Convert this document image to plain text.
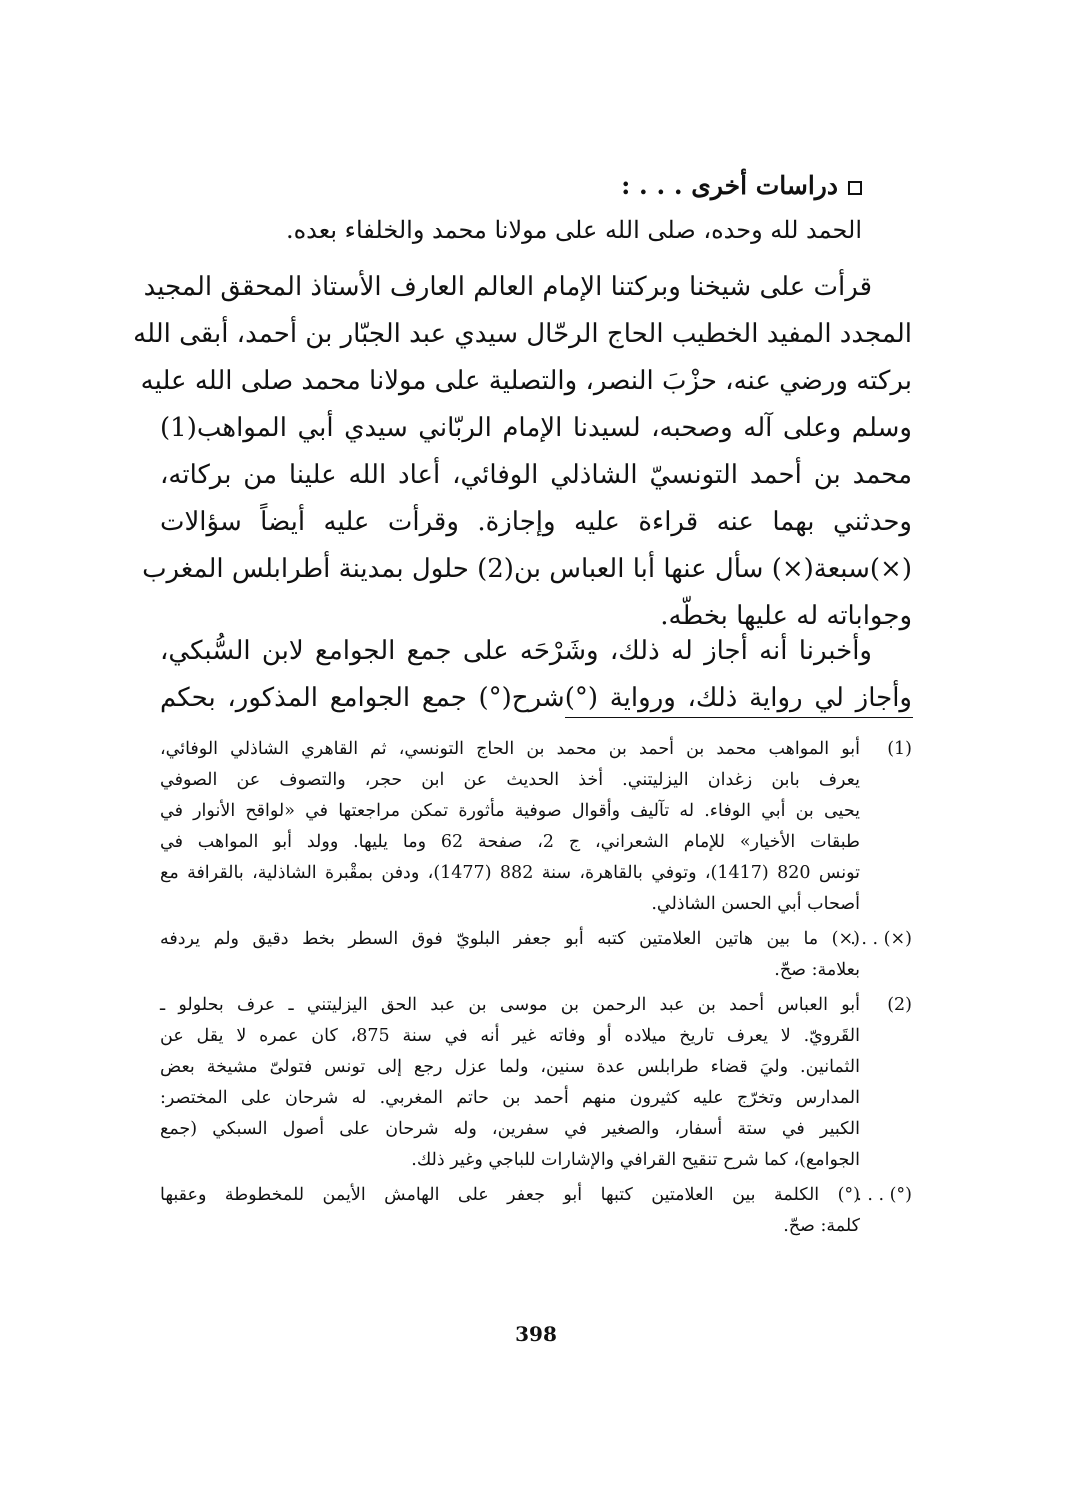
دراسات أخرى . . . :
الحمد لله وحده، صلى الله على مولانا محمد والخلفاء بعده.
قرأت على شيخنا وبركتنا الإمام العالم العارف الأستاذ المحقق المجيد
المجدد المفيد الخطيب الحاج الرحّال سيدي عبد الجبّار بن أحمد، أبقى الله
بركته ورضي عنه، حزْبَ النصر، والتصلية على مولانا محمد صلى الله عليه
وسلم وعلى آله وصحبه، لسيدنا الإمام الربّاني سيدي أبي المواهب(1)
محمد بن أحمد التونسيّ الشاذلي الوفائي، أعاد الله علينا من بركاته،
وحدثني بهما عنه قراءة عليه وإجازة. وقرأت عليه أيضاً سؤالات
(×)سبعة(×) سأل عنها أبا العباس بن(2) حلول بمدينة أطرابلس المغرب
وجواباته له عليها بخطّه.
وأخبرنا أنه أجاز له ذلك، وشَرْحَه على جمع الجوامع لابن السُّبكي،
وأجاز لي رواية ذلك، ورواية (°)شرح(°) جمع الجوامع المذكور، بحكم
(1)
أبو المواهب محمد بن أحمد بن محمد بن الحاج التونسي، ثم القاهري الشاذلي الوفائي،
يعرف بابن زغدان اليزليتني. أخذ الحديث عن ابن حجر، والتصوف عن الصوفي
يحيى بن أبي الوفاء. له تآليف وأقوال صوفية مأثورة تمكن مراجعتها في «لواقح الأنوار في
طبقات الأخيار» للإمام الشعراني، ج 2، صفحة 62 وما يليها. وولد أبو المواهب في
تونس 820 (1417)، وتوفي بالقاهرة، سنة 882 (1477)، ودفن بمقْبرة الشاذلية، بالقرافة مع
أصحاب أبي الحسن الشاذلي.
(×) . . .
(×) ما بين هاتين العلامتين كتبه أبو جعفر البلويّ فوق السطر بخط دقيق ولم يردفه
بعلامة: صحّ.
(2)
أبو العباس أحمد بن عبد الرحمن بن موسى بن عبد الحق اليزليتني ـ عرف بحلولو ـ
القَرويّ. لا يعرف تاريخ ميلاده أو وفاته غير أنه في سنة 875، كان عمره لا يقل عن
الثمانين. وليَ قضاء طرابلس عدة سنين، ولما عزل رجع إلى تونس فتولىّ مشيخة بعض
المدارس وتخرّج عليه كثيرون منهم أحمد بن حاتم المغربي. له شرحان على المختصر:
الكبير في ستة أسفار، والصغير في سفرين، وله شرحان على أصول السبكي (جمع
الجوامع)، كما شرح تنقيح القرافي والإشارات للباجي وغير ذلك.
(°) . . .
(°) الكلمة بين العلامتين كتبها أبو جعفر على الهامش الأيمن للمخطوطة وعقبها
كلمة: صحّ.
398
